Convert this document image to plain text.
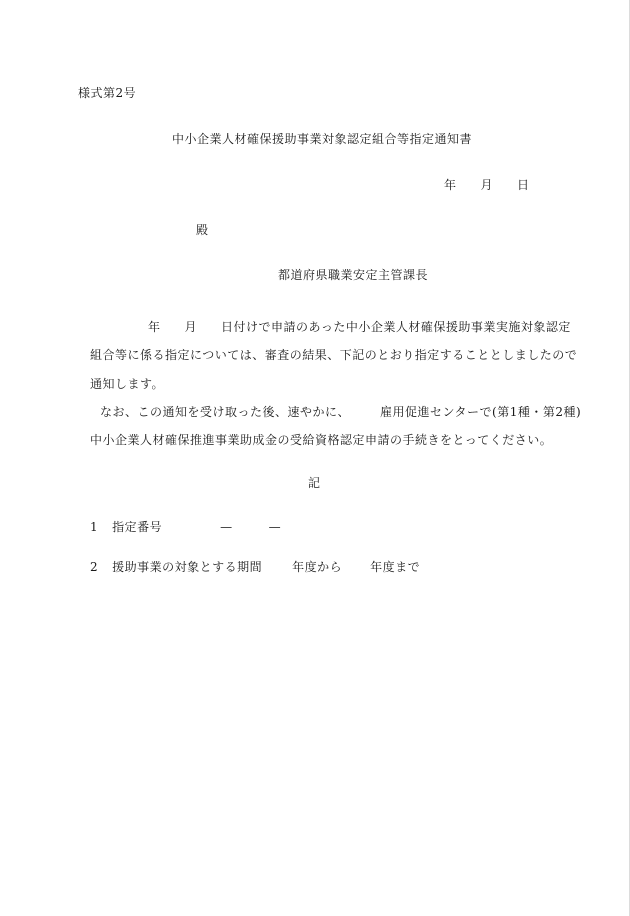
様式第2号
中小企業人材確保援助事業対象認定組合等指定通知書
年 月 日
殿
都道府県職業安定主管課長
年 月 日付けで申請のあった中小企業人材確保援助事業実施対象認定
組合等に係る指定については、審査の結果、下記のとおり指定することとしましたので
通知します。
なお、この通知を受け取った後、速やかに、	雇用促進センターで(第1種・第2種)
中小企業人材確保推進事業助成金の受給資格認定申請の手続きをとってください。
記
1 指定番号	—	—
2 援助事業の対象とする期間	年度から 年度まで
